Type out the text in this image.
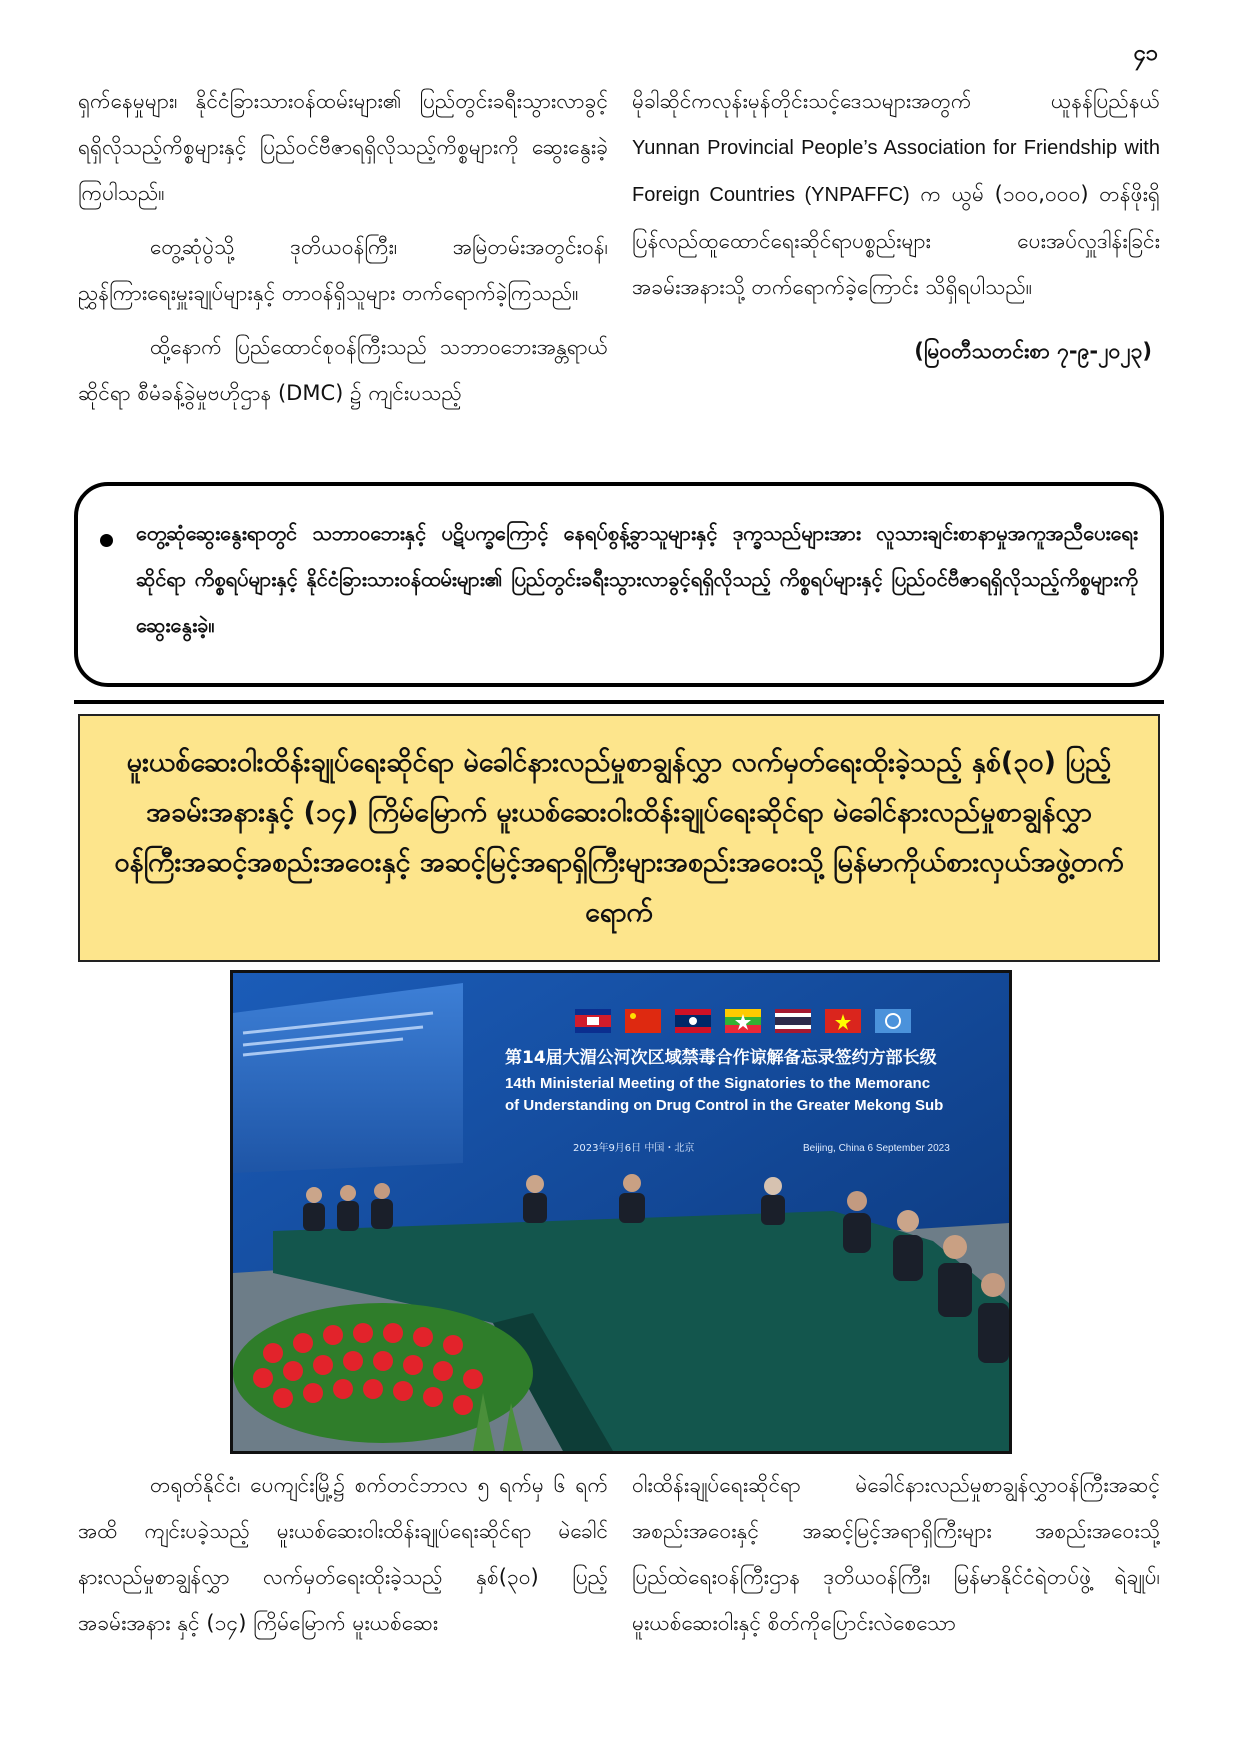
၄၁

ရှက်နေမှုများ၊ နိုင်ငံခြားသားဝန်ထမ်းများ၏ ပြည်တွင်းခရီးသွားလာခွင့်ရရှိလိုသည့်ကိစ္စများနှင့် ပြည်ဝင်ဗီဇာရရှိလိုသည့်ကိစ္စများကို ဆွေးနွေးခဲ့ကြပါသည်။

တွေ့ဆုံပွဲသို့ ဒုတိယဝန်ကြီး၊ အမြဲတမ်းအတွင်းဝန်၊ ညွှန်ကြားရေးမှူးချုပ်များနှင့် တာဝန်ရှိသူများ တက်ရောက်ခဲ့ကြသည်။

ထို့နောက် ပြည်ထောင်စုဝန်ကြီးသည် သဘာဝဘေးအန္တရာယ်ဆိုင်ရာ စီမံခန့်ခွဲမှုဗဟိုဌာန (DMC) ၌ ကျင်းပသည့်

မိုခါဆိုင်ကလုန်းမုန်တိုင်းသင့်ဒေသများအတွက် ယူနန်ပြည်နယ် Yunnan Provincial People’s Association for Friendship with Foreign Countries (YNPAFFC) က ယွမ် (၁၀၀,၀၀၀) တန်ဖိုးရှိ ပြန်လည်ထူထောင်ရေးဆိုင်ရာပစ္စည်းများ ပေးအပ်လှူဒါန်းခြင်း အခမ်းအနားသို့ တက်ရောက်ခဲ့ကြောင်း သိရှိရပါသည်။

(မြဝတီသတင်းစာ ၇-၉-၂၀၂၃)

တွေ့ဆုံဆွေးနွေးရာတွင် သဘာဝဘေးနှင့် ပဋိပက္ခကြောင့် နေရပ်စွန့်ခွာသူများနှင့် ဒုက္ခသည်များအား လူသားချင်းစာနာမှုအကူအညီပေးရေးဆိုင်ရာ ကိစ္စရပ်များနှင့် နိုင်ငံခြားသားဝန်ထမ်းများ၏ ပြည်တွင်းခရီးသွားလာခွင့်ရရှိလိုသည့် ကိစ္စရပ်များနှင့် ပြည်ဝင်ဗီဇာရရှိလိုသည့်ကိစ္စများကို ဆွေးနွေးခဲ့။
မူးယစ်ဆေးဝါးထိန်းချုပ်ရေးဆိုင်ရာ မဲခေါင်နားလည်မှုစာချွန်လွှာ လက်မှတ်ရေးထိုးခဲ့သည့် နှစ်(၃၀) ပြည့် အခမ်းအနားနှင့် (၁၄) ကြိမ်မြောက် မူးယစ်ဆေးဝါးထိန်းချုပ်ရေးဆိုင်ရာ မဲခေါင်နားလည်မှုစာချွန်လွှာ ဝန်ကြီးအဆင့်အစည်းအဝေးနှင့် အဆင့်မြင့်အရာရှိကြီးများအစည်းအဝေးသို့ မြန်မာကိုယ်စားလှယ်အဖွဲ့တက်ရောက်
第14届大湄公河次区域禁毒合作谅解备忘录签约方部长级
14th Ministerial Meeting of the Signatories to the Memoranc
of Understanding on Drug Control in the Greater Mekong Sub
2023年9月6日 中国・北京	Beijing, China 6 September 2023

တရုတ်နိုင်ငံ၊ ပေကျင်းမြို့၌ စက်တင်ဘာလ ၅ ရက်မှ ၆ ရက်အထိ ကျင်းပခဲ့သည့် မူးယစ်ဆေးဝါးထိန်းချုပ်ရေးဆိုင်ရာ မဲခေါင်နားလည်မှုစာချွန်လွှာ လက်မှတ်ရေးထိုးခဲ့သည့် နှစ်(၃၀) ပြည့် အခမ်းအနား နှင့် (၁၄) ကြိမ်မြောက် မူးယစ်ဆေး

ဝါးထိန်းချုပ်ရေးဆိုင်ရာ မဲခေါင်နားလည်မှုစာချွန်လွှာဝန်ကြီးအဆင့်အစည်းအဝေးနှင့် အဆင့်မြင့်အရာရှိကြီးများ အစည်းအဝေးသို့ ပြည်ထဲရေးဝန်ကြီးဌာန ဒုတိယဝန်ကြီး၊ မြန်မာနိုင်ငံရဲတပ်ဖွဲ့ ရဲချုပ်၊ မူးယစ်ဆေးဝါးနှင့် စိတ်ကိုပြောင်းလဲစေသော
